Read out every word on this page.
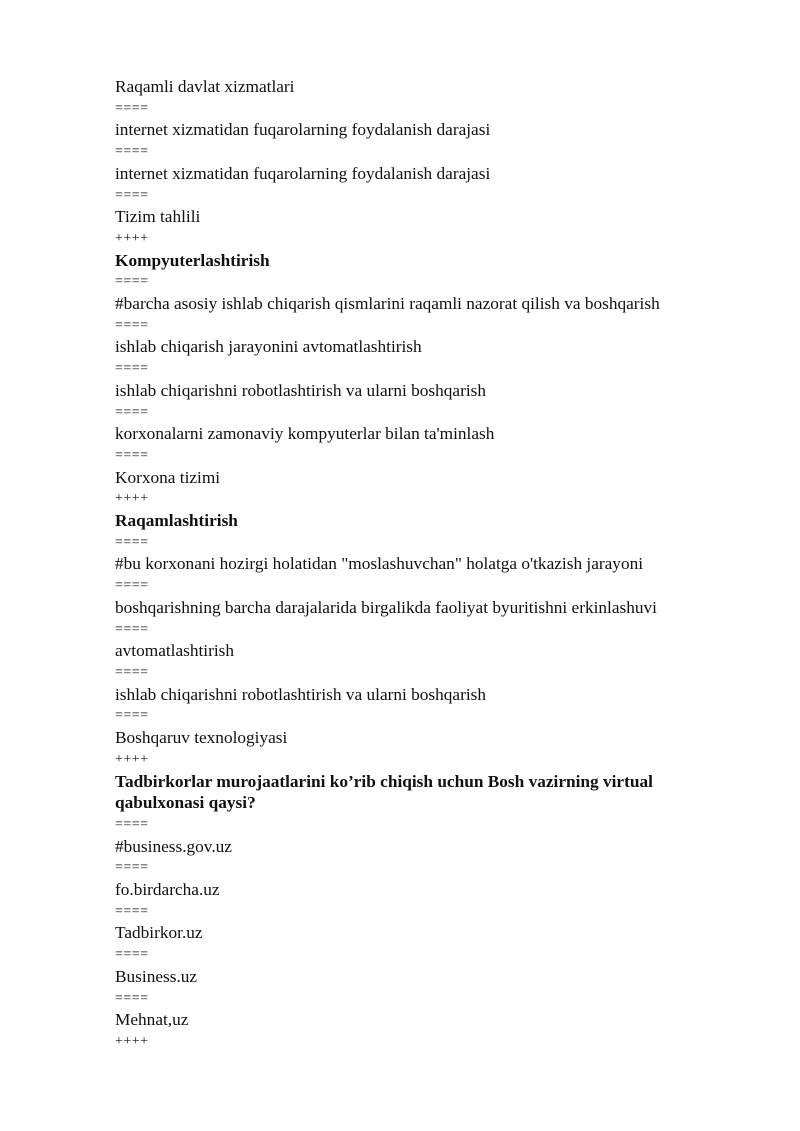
Raqamli davlat xizmatlari
====
internet xizmatidan fuqarolarning foydalanish darajasi
====
internet xizmatidan fuqarolarning foydalanish darajasi
====
Tizim tahlili
++++
Kompyuterlashtirish
====
#barcha asosiy ishlab chiqarish qismlarini raqamli nazorat qilish va boshqarish
====
ishlab chiqarish jarayonini avtomatlashtirish
====
ishlab chiqarishni robotlashtirish va ularni boshqarish
====
korxonalarni zamonaviy kompyuterlar bilan ta'minlash
====
Korxona tizimi
++++
Raqamlashtirish
====
#bu korxonani hozirgi holatidan "moslashuvchan" holatga o'tkazish jarayoni
====
boshqarishning barcha darajalarida birgalikda faoliyat byuritishni erkinlashuvi
====
avtomatlashtirish
====
ishlab chiqarishni robotlashtirish va ularni boshqarish
====
Boshqaruv texnologiyasi
++++
Tadbirkorlar murojaatlarini ko’rib chiqish uchun Bosh vazirning virtual qabulxonasi qaysi?
====
#business.gov.uz
====
fo.birdarcha.uz
====
Tadbirkor.uz
====
Business.uz
====
Mehnat,uz
++++
